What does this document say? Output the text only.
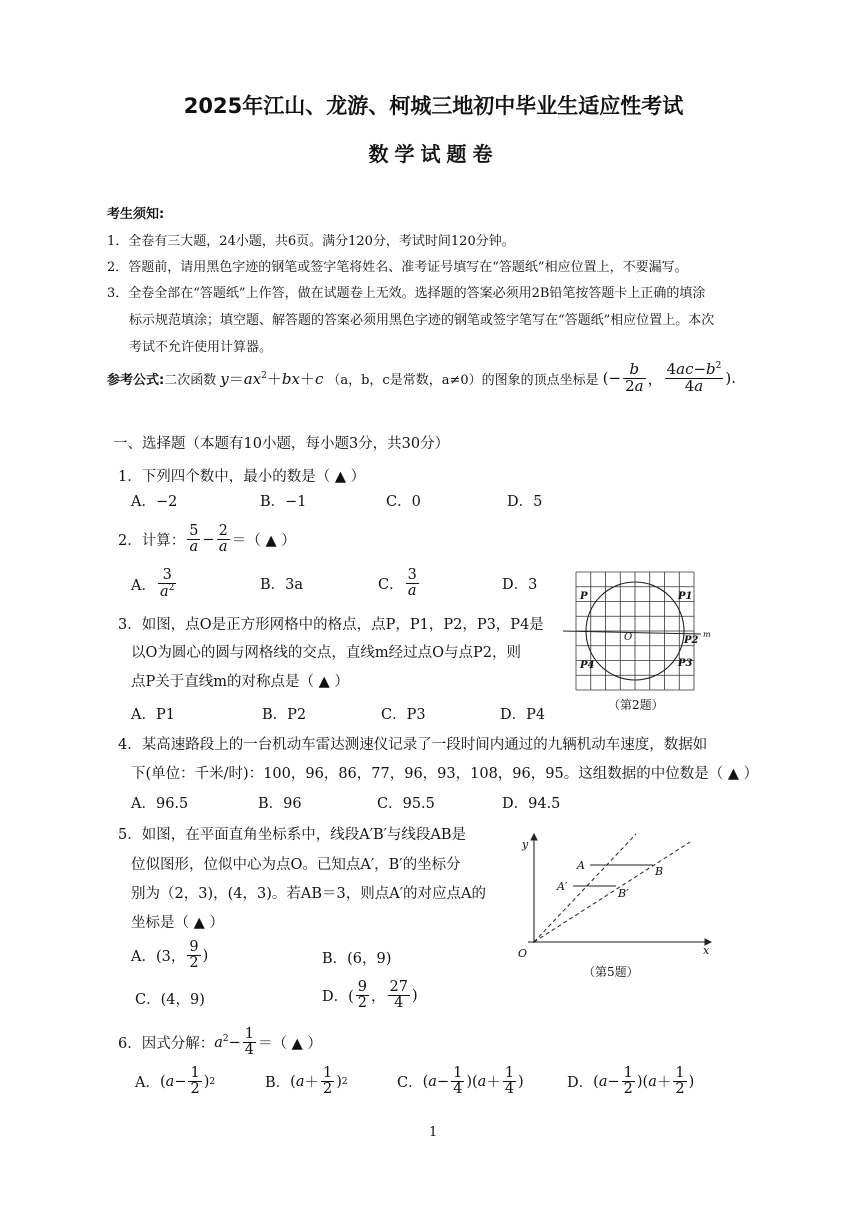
2025年江山、龙游、柯城三地初中毕业生适应性考试
数学试题卷
考生须知:
1．全卷有三大题，24小题，共6页。满分120分，考试时间120分钟。
2．答题前，请用黑色字迹的钢笔或签字笔将姓名、准考证号填写在“答题纸”相应位置上，不要漏写。
3．全卷全部在“答题纸”上作答，做在试题卷上无效。选择题的答案必须用2B铅笔按答题卡上正确的填涂
标示规范填涂；填空题、解答题的答案必须用黑色字迹的钢笔或签字笔写在“答题纸”相应位置上。本次
考试不允许使用计算器。
参考公式: 二次函数 $y=ax^2+bx+c$ （a，b，c是常数，a≠0）的图象的顶点坐标是 (− $\frac{b}{2a}$ ， $\frac{4ac-b^2}{4a}$ ).
一、选择题（本题有10小题，每小题3分，共30分）
1．下列四个数中，最小的数是（ ▲ ）
A．−2	B．−1	C．0	D．5
2．计算： $\frac{5}{a} - \frac{2}{a}$ ＝（ ▲ ）
A． $\frac{3}{a^2}$	B．3a	C． $\frac{3}{a}$	D．3
P	P1
O	P2
P4	P3
m
（第2题）
3．如图，点O是正方形网格中的格点，点P，P1，P2，P3，P4是
以O为圆心的圆与网格线的交点，直线m经过点O与点P2，则
点P关于直线m的对称点是（ ▲ ）
A．P1	B．P2	C．P3	D．P4
4．某高速路段上的一台机动车雷达测速仪记录了一段时间内通过的九辆机动车速度，数据如
下(单位：千米/时)：100，96，86，77，96，93，108，96，95。这组数据的中位数是（ ▲ ）
A．96.5	B．96	C．95.5	D．94.5
5．如图，在平面直角坐标系中，线段A′B′与线段AB是
位似图形，位似中心为点O。已知点A′，B′的坐标分
别为（2，3)，(4，3)。若AB＝3，则点A′的对应点A的
坐标是（ ▲ ）
A．(3， $\frac{9}{2}$ )	B．(6，9)
C．(4，9)	D．( $\frac{9}{2}$ ， $\frac{27}{4}$ )
y
A	B
A′
B′
O	x
（第5题）
6．因式分解： $a^2- \frac{1}{4}$ ＝（ ▲ ）
A． ( $a - \frac{1}{2}$ ) 2	B． ( $a + \frac{1}{2}$ ) 2	C． ( $a - \frac{1}{4}$ )( $a + \frac{1}{4}$ )	D． ( $a - \frac{1}{2}$ )( $a + \frac{1}{2}$ )
1
